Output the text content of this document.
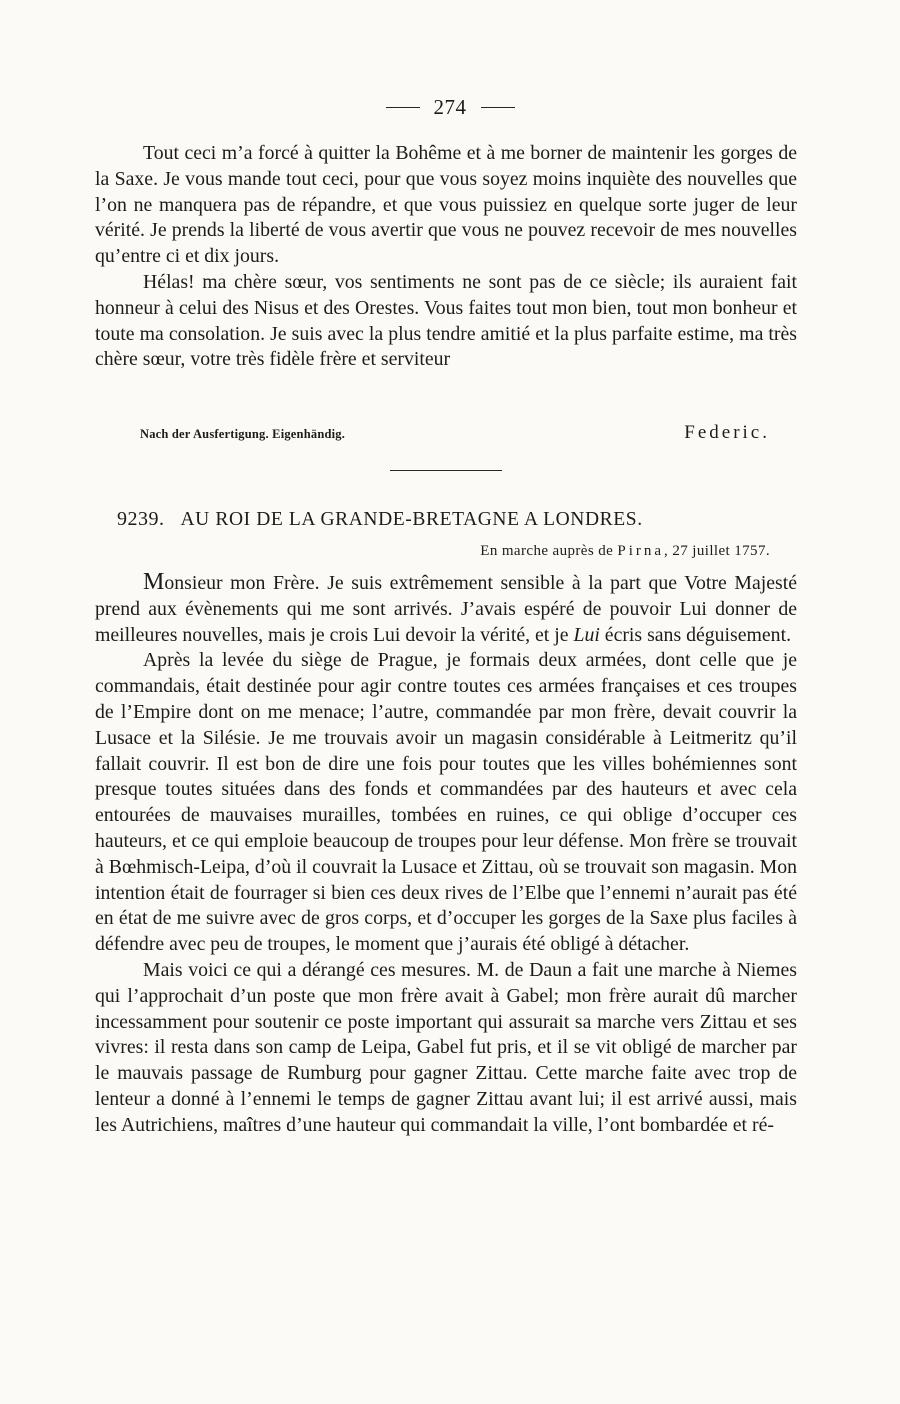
274

Tout ceci m’a forcé à quitter la Bohême et à me borner de maintenir les gorges de la Saxe. Je vous mande tout ceci, pour que vous soyez moins inquiète des nouvelles que l’on ne manquera pas de répandre, et que vous puissiez en quelque sorte juger de leur vérité. Je prends la liberté de vous avertir que vous ne pouvez recevoir de mes nouvelles qu’entre ci et dix jours.

Hélas! ma chère sœur, vos sentiments ne sont pas de ce siècle; ils auraient fait honneur à celui des Nisus et des Orestes. Vous faites tout mon bien, tout mon bonheur et toute ma consolation. Je suis avec la plus tendre amitié et la plus parfaite estime, ma très chère sœur, votre très fidèle frère et serviteur

Nach der Ausfertigung. Eigenhändig.	Federic.
9239. AU ROI DE LA GRANDE-BRETAGNE A LONDRES.
En marche auprès de Pirna, 27 juillet 1757.

Monsieur mon Frère. Je suis extrêmement sensible à la part que Votre Majesté prend aux évènements qui me sont arrivés. J’avais espéré de pouvoir Lui donner de meilleures nouvelles, mais je crois Lui devoir la vérité, et je Lui écris sans déguisement.

Après la levée du siège de Prague, je formais deux armées, dont celle que je commandais, était destinée pour agir contre toutes ces armées françaises et ces troupes de l’Empire dont on me menace; l’autre, commandée par mon frère, devait couvrir la Lusace et la Silésie. Je me trouvais avoir un magasin considérable à Leitmeritz qu’il fallait couvrir. Il est bon de dire une fois pour toutes que les villes bohémiennes sont presque toutes situées dans des fonds et commandées par des hauteurs et avec cela entourées de mauvaises murailles, tombées en ruines, ce qui oblige d’occuper ces hauteurs, et ce qui emploie beaucoup de troupes pour leur défense. Mon frère se trouvait à Bœhmisch-Leipa, d’où il couvrait la Lusace et Zittau, où se trouvait son magasin. Mon intention était de fourrager si bien ces deux rives de l’Elbe que l’ennemi n’aurait pas été en état de me suivre avec de gros corps, et d’occuper les gorges de la Saxe plus faciles à défendre avec peu de troupes, le moment que j’aurais été obligé à détacher.

Mais voici ce qui a dérangé ces mesures. M. de Daun a fait une marche à Niemes qui l’approchait d’un poste que mon frère avait à Gabel; mon frère aurait dû marcher incessamment pour soutenir ce poste important qui assurait sa marche vers Zittau et ses vivres: il resta dans son camp de Leipa, Gabel fut pris, et il se vit obligé de marcher par le mauvais passage de Rumburg pour gagner Zittau. Cette marche faite avec trop de lenteur a donné à l’ennemi le temps de gagner Zittau avant lui; il est arrivé aussi, mais les Autrichiens, maîtres d’une hauteur qui commandait la ville, l’ont bombardée et ré-
